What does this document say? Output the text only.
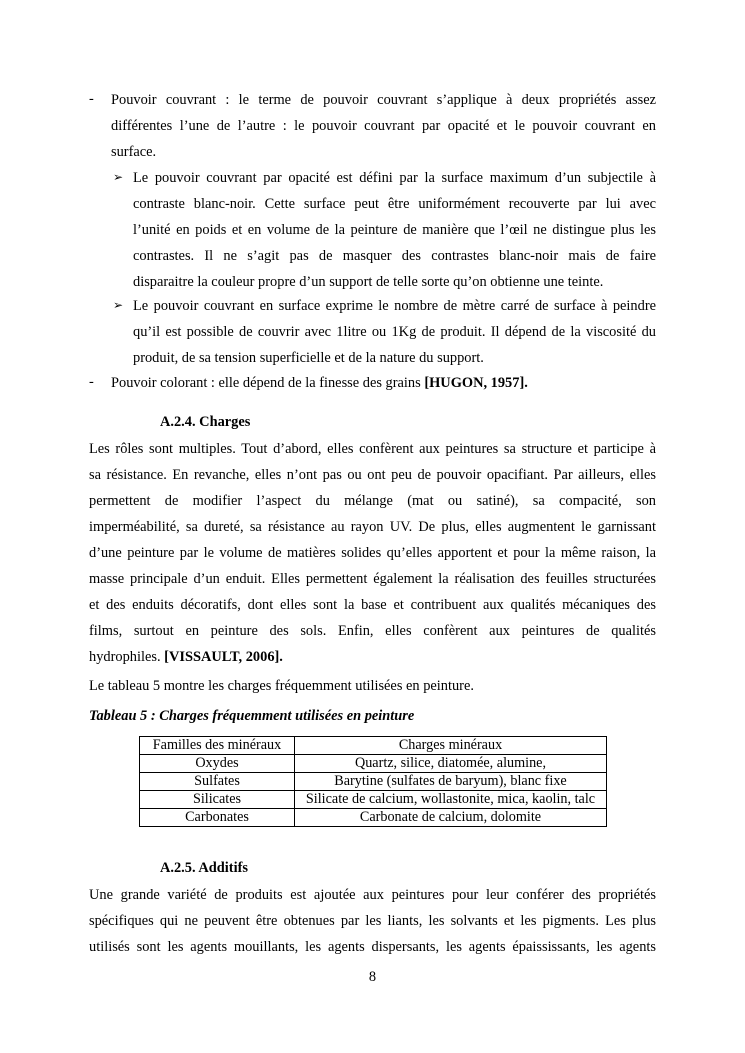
- Pouvoir couvrant : le terme de pouvoir couvrant s’applique à deux propriétés assez
différentes l’une de l’autre : le pouvoir couvrant par opacité et le pouvoir couvrant en
surface.
➢ Le pouvoir couvrant par opacité est défini par la surface maximum d’un subjectile à
contraste blanc-noir. Cette surface peut être uniformément recouverte par lui avec
l’unité en poids et en volume de la peinture de manière que l’œil ne distingue plus les
contrastes. Il ne s’agit pas de masquer des contrastes blanc-noir mais de faire
disparaitre la couleur propre d’un support de telle sorte qu’on obtienne une teinte.
➢ Le pouvoir couvrant en surface exprime le nombre de mètre carré de surface à peindre
qu’il est possible de couvrir avec 1litre ou 1Kg de produit. Il dépend de la viscosité du
produit, de sa tension superficielle et de la nature du support.
- Pouvoir colorant : elle dépend de la finesse des grains [HUGON, 1957].
A.2.4. Charges
Les rôles sont multiples. Tout d’abord, elles confèrent aux peintures sa structure et participe à
sa résistance. En revanche, elles n’ont pas ou ont peu de pouvoir opacifiant. Par ailleurs, elles
permettent de modifier l’aspect du mélange (mat ou satiné), sa compacité, son
imperméabilité, sa dureté, sa résistance au rayon UV. De plus, elles augmentent le garnissant
d’une peinture par le volume de matières solides qu’elles apportent et pour la même raison, la
masse principale d’un enduit. Elles permettent également la réalisation des feuilles structurées
et des enduits décoratifs, dont elles sont la base et contribuent aux qualités mécaniques des
films, surtout en peinture des sols. Enfin, elles confèrent aux peintures de qualités
hydrophiles. [VISSAULT, 2006].
Le tableau 5 montre les charges fréquemment utilisées en peinture.
Tableau 5 : Charges fréquemment utilisées en peinture
Familles des minéraux	Charges minéraux
Oxydes	Quartz, silice, diatomée, alumine,
Sulfates	Barytine (sulfates de baryum), blanc fixe
Silicates	Silicate de calcium, wollastonite, mica, kaolin, talc
Carbonates	Carbonate de calcium, dolomite
A.2.5. Additifs
Une grande variété de produits est ajoutée aux peintures pour leur conférer des propriétés
spécifiques qui ne peuvent être obtenues par les liants, les solvants et les pigments. Les plus
utilisés sont les agents mouillants, les agents dispersants, les agents épaississants, les agents
8
